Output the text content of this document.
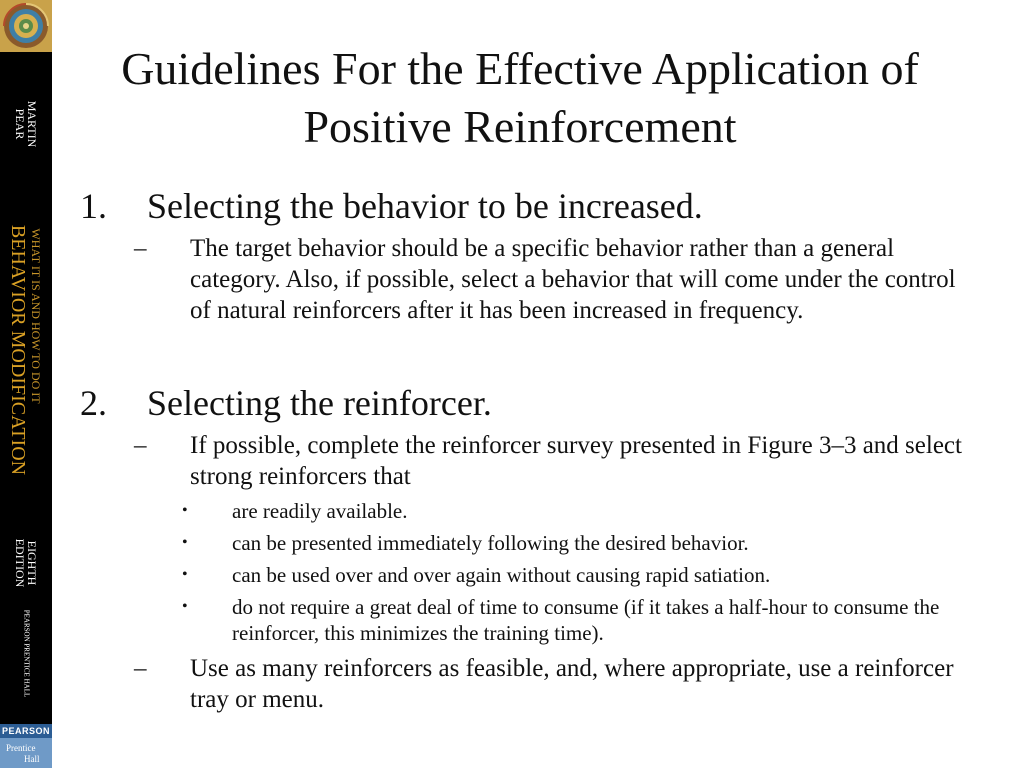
MARTIN PEAR
BEHAVIOR MODIFICATION WHAT IT IS AND HOW TO DO IT
EIGHTH EDITION
PEARSON PRENTICE HALL
PEARSON
Prentice
Hall
Guidelines For the Effective Application of Positive Reinforcement
1. Selecting the behavior to be increased.
– The target behavior should be a specific behavior rather than a general category. Also, if possible, select a behavior that will come under the control of natural reinforcers after it has been increased in frequency.
2. Selecting the reinforcer.
– If possible, complete the reinforcer survey presented in Figure 3–3 and select strong reinforcers that
• are readily available.
• can be presented immediately following the desired behavior.
• can be used over and over again without causing rapid satiation.
• do not require a great deal of time to consume (if it takes a half-hour to consume the reinforcer, this minimizes the training time).
– Use as many reinforcers as feasible, and, where appropriate, use a reinforcer tray or menu.
